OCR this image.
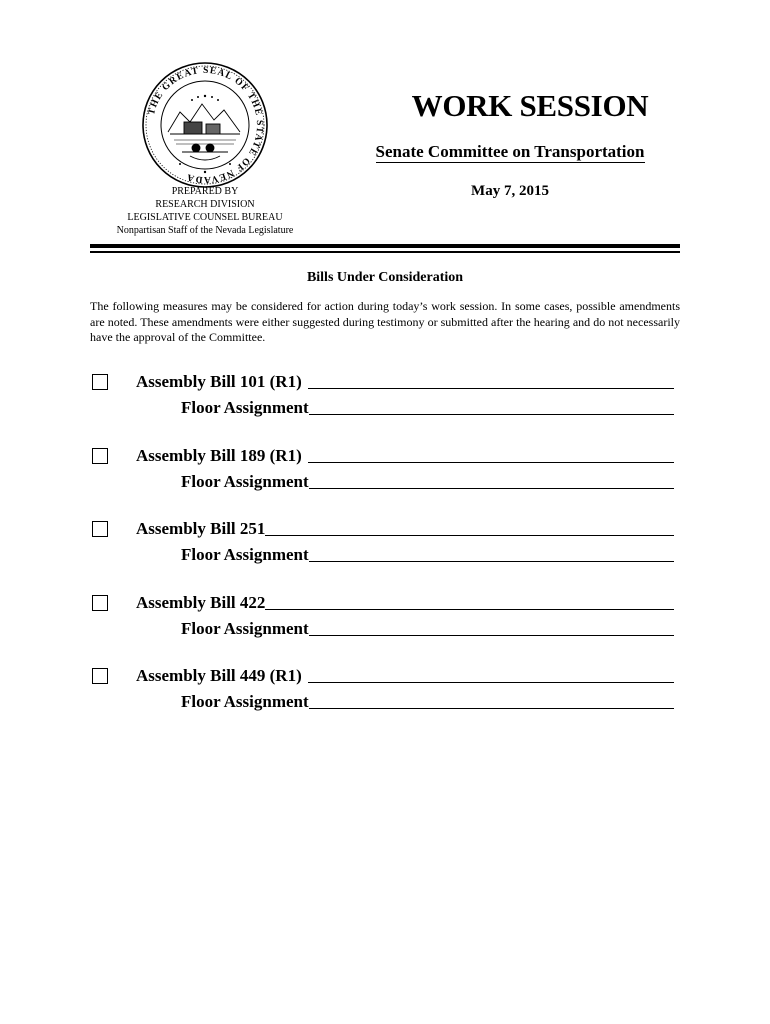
THE GREAT SEAL OF THE STATE OF NEVADA
WORK SESSION
Senate Committee on Transportation
May 7, 2015
PREPARED BY
RESEARCH DIVISION
LEGISLATIVE COUNSEL BUREAU
Nonpartisan Staff of the Nevada Legislature
Bills Under Consideration

The following measures may be considered for action during today’s work session. In some cases, possible amendments are noted. These amendments were either suggested during testimony or submitted after the hearing and do not necessarily have the approval of the Committee.

Assembly Bill 101 (R1)
Floor Assignment
Assembly Bill 189 (R1)
Floor Assignment
Assembly Bill 251
Floor Assignment
Assembly Bill 422
Floor Assignment
Assembly Bill 449 (R1)
Floor Assignment
